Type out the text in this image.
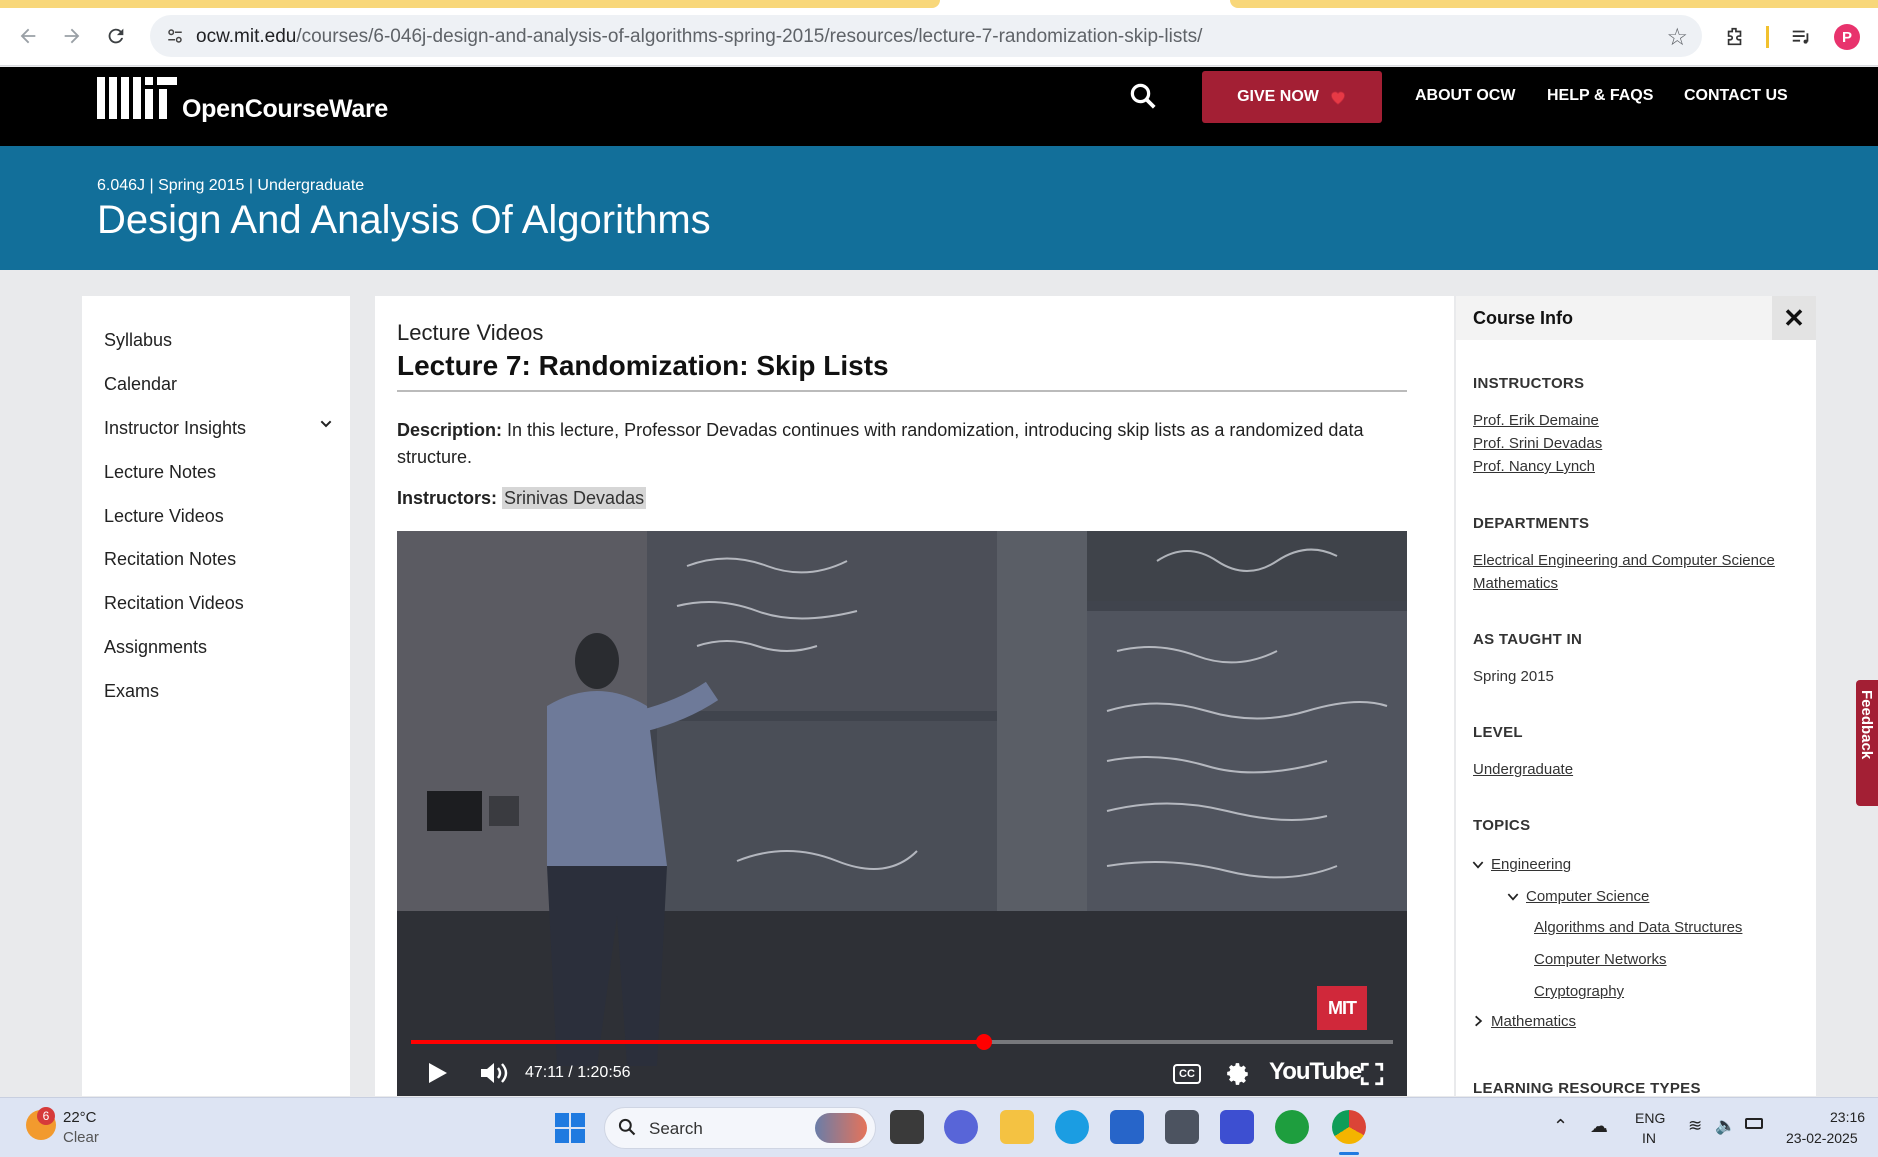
ocw.mit.edu/courses/6-046j-design-and-analysis-of-algorithms-spring-2015/resources/lecture-7-randomization-skip-lists/	☆	P
OpenCourseWare	GIVE NOW	ABOUT OCW HELP & FAQS CONTACT US
6.046J | Spring 2015 | Undergraduate
Design And Analysis Of Algorithms
Syllabus
Calendar
Instructor Insights
Lecture Notes
Lecture Videos
Recitation Notes
Recitation Videos
Assignments
Exams
Lecture Videos
Lecture 7: Randomization: Skip Lists
Description: In this lecture, Professor Devadas continues with randomization, introducing skip lists as a randomized data structure.
Instructors: Srinivas Devadas
MIT
47:11 / 1:20:56	CC	YouTube
Course Info	✕
INSTRUCTORS
Prof. Erik Demaine
Prof. Srini Devadas
Prof. Nancy Lynch
DEPARTMENTS
Electrical Engineering and Computer Science
Mathematics
AS TAUGHT IN
Spring 2015
LEVEL
Undergraduate
TOPICS
Engineering
Computer Science
Algorithms and Data Structures
Computer Networks
Cryptography
Mathematics
LEARNING RESOURCE TYPES
Feedback
6 22°C
Clear	Search	⌃ ☁ ENG
IN
≋ 🔈	23:16
23-02-2025
